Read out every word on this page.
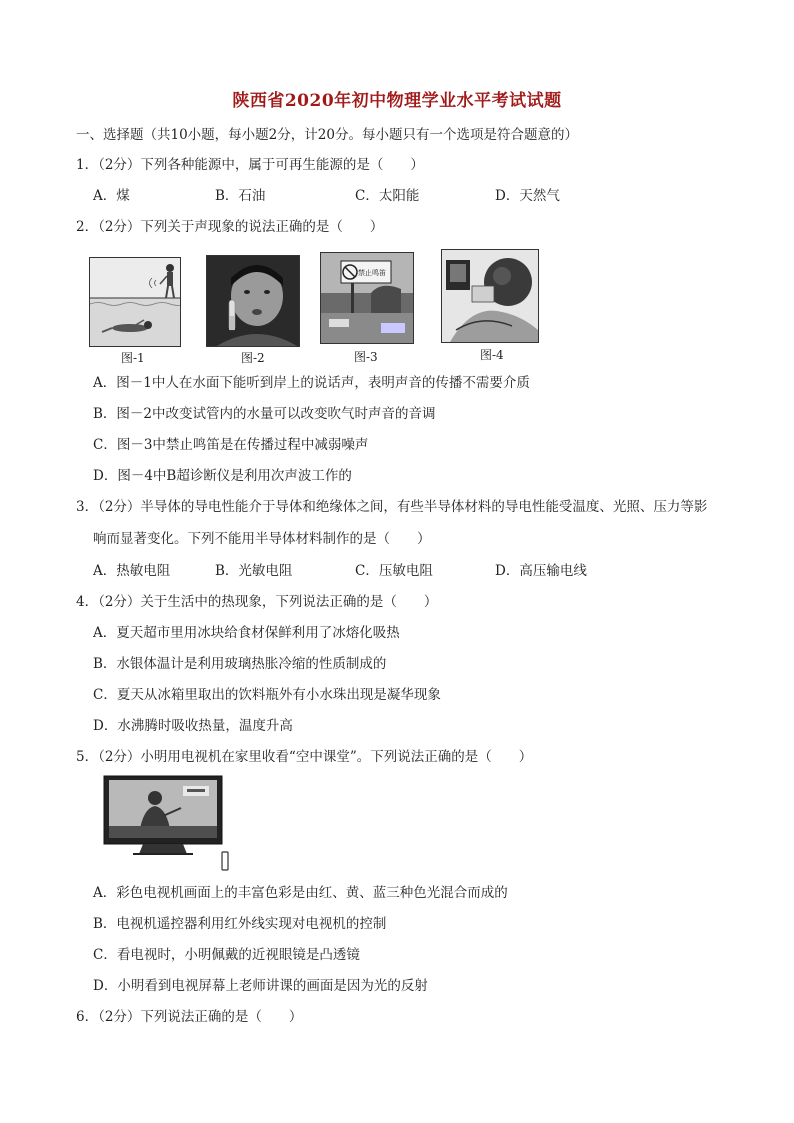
陕西省2020年初中物理学业水平考试试题
一、选择题（共10小题，每小题2分，计20分。每小题只有一个选项是符合题意的）
1．（2分）下列各种能源中，属于可再生能源的是（　　）
A．煤	B．石油	C．太阳能	D．天然气
2．（2分）下列关于声现象的说法正确的是（　　）
图-1	图-2
禁止鸣笛
图-3	图-4
A．图－1中人在水面下能听到岸上的说话声，表明声音的传播不需要介质
B．图－2中改变试管内的水量可以改变吹气时声音的音调
C．图－3中禁止鸣笛是在传播过程中减弱噪声
D．图－4中B超诊断仪是利用次声波工作的
3．（2分）半导体的导电性能介于导体和绝缘体之间，有些半导体材料的导电性能受温度、光照、压力等影
响而显著变化。下列不能用半导体材料制作的是（　　）
A．热敏电阻	B．光敏电阻	C．压敏电阻	D．高压输电线
4．（2分）关于生活中的热现象，下列说法正确的是（　　）
A．夏天超市里用冰块给食材保鲜利用了冰熔化吸热
B．水银体温计是利用玻璃热胀冷缩的性质制成的
C．夏天从冰箱里取出的饮料瓶外有小水珠出现是凝华现象
D．水沸腾时吸收热量，温度升高
5．（2分）小明用电视机在家里收看“空中课堂”。下列说法正确的是（　　）
A．彩色电视机画面上的丰富色彩是由红、黄、蓝三种色光混合而成的
B．电视机遥控器利用红外线实现对电视机的控制
C．看电视时，小明佩戴的近视眼镜是凸透镜
D．小明看到电视屏幕上老师讲课的画面是因为光的反射
6．（2分）下列说法正确的是（　　）
